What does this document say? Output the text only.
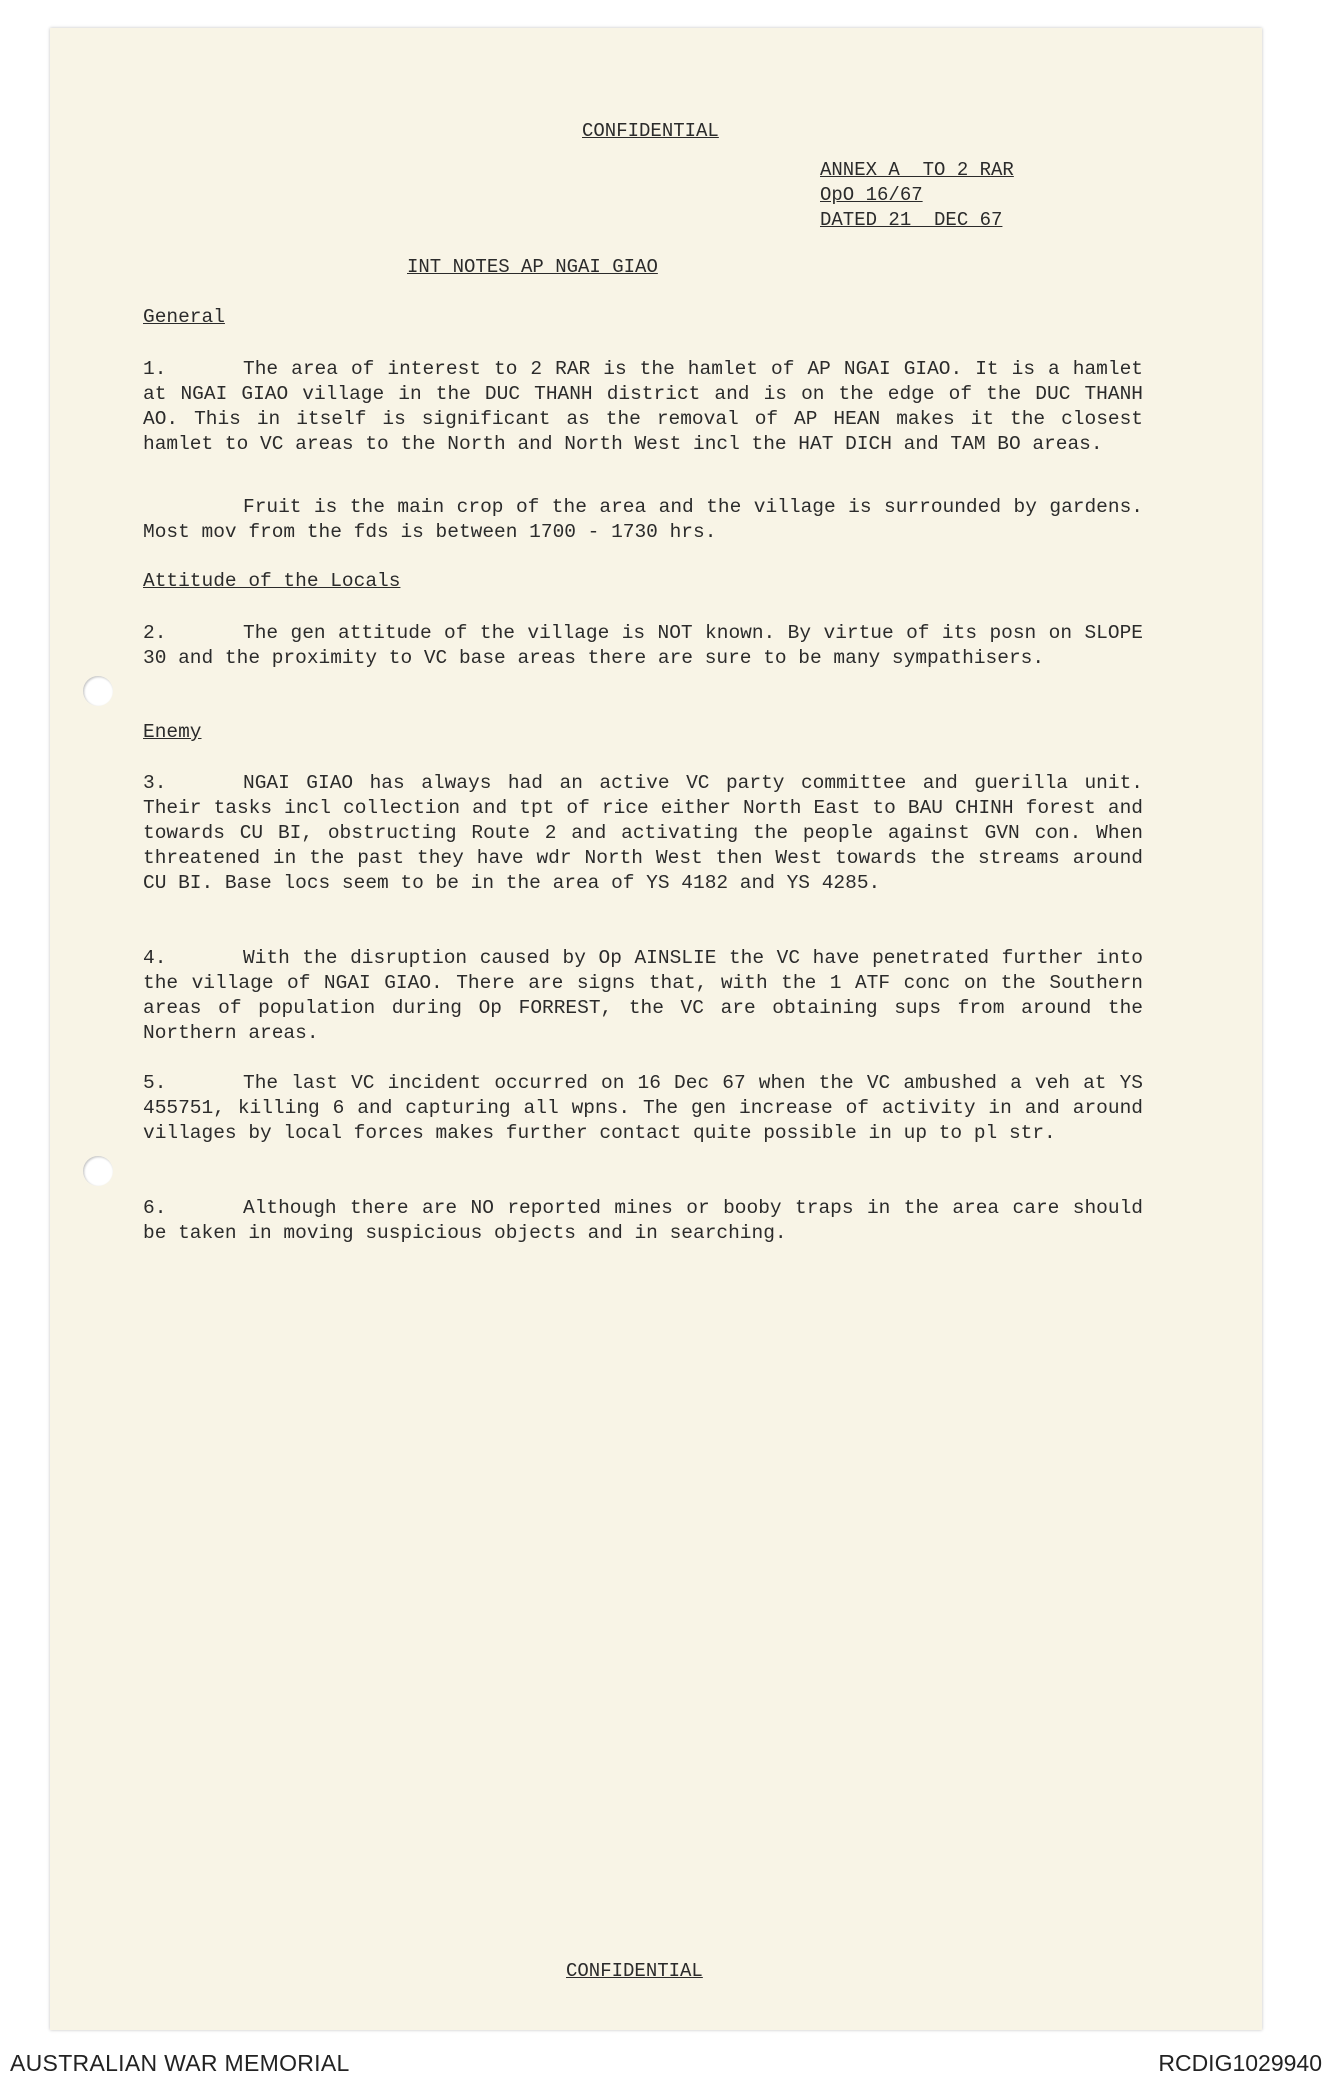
CONFIDENTIAL
ANNEX A  TO 2 RAR
OpO 16/67
DATED 21  DEC 67
INT NOTES AP NGAI GIAO
General
1.	The area of interest to 2 RAR is the hamlet of AP NGAI GIAO. It is a hamlet at NGAI GIAO village in the DUC THANH district and is on the edge of the DUC THANH AO. This in itself is significant as the removal of AP HEAN makes it the closest hamlet to VC areas to the North and North West incl the HAT DICH and TAM BO areas.
Fruit is the main crop of the area and the village is surrounded by gardens. Most mov from the fds is between 1700 - 1730 hrs.
Attitude of the Locals
2.	The gen attitude of the village is NOT known. By virtue of its posn on SLOPE 30 and the proximity to VC base areas there are sure to be many sympathisers.
Enemy
3.	NGAI GIAO has always had an active VC party committee and guerilla unit. Their tasks incl collection and tpt of rice either North East to BAU CHINH forest and towards CU BI, obstructing Route 2 and activating the people against GVN con. When threatened in the past they have wdr North West then West towards the streams around CU BI. Base locs seem to be in the area of YS 4182 and YS 4285.
4.	With the disruption caused by Op AINSLIE the VC have penetrated further into the village of NGAI GIAO. There are signs that, with the 1 ATF conc on the Southern areas of population during Op FORREST, the VC are obtaining sups from around the Northern areas.
5.	The last VC incident occurred on 16 Dec 67 when the VC ambushed a veh at YS 455751, killing 6 and capturing all wpns. The gen increase of activity in and around villages by local forces makes further contact quite possible in up to pl str.
6.	Although there are NO reported mines or booby traps in the area care should be taken in moving suspicious objects and in searching.
CONFIDENTIAL
AUSTRALIAN WAR MEMORIAL	RCDIG1029940
